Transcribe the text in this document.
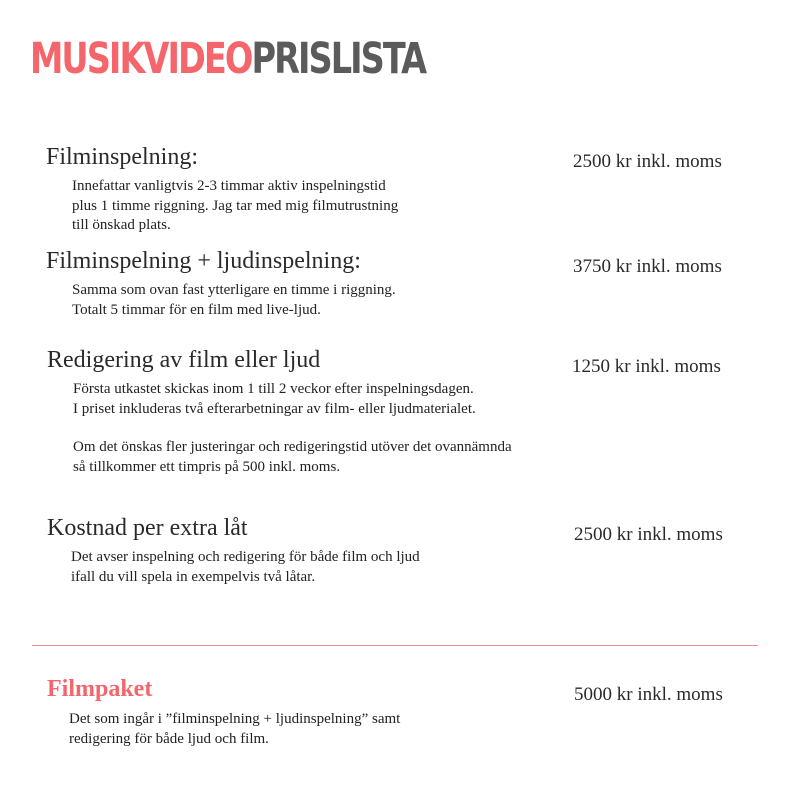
MUSIKVIDEOPRISLISTA
Filminspelning:

Innefattar vanligtvis 2-3 timmar aktiv inspelningstid
plus 1 timme riggning. Jag tar med mig filmutrustning
till önskad plats.

2500 kr inkl. moms
Filminspelning + ljudinspelning:

Samma som ovan fast ytterligare en timme i riggning.
Totalt 5 timmar för en film med live-ljud.

3750 kr inkl. moms
Redigering av film eller ljud

Första utkastet skickas inom 1 till 2 veckor efter inspelningsdagen.
I priset inkluderas två efterarbetningar av film- eller ljudmaterialet.

Om det önskas fler justeringar och redigeringstid utöver det ovannämnda
så tillkommer ett timpris på 500 inkl. moms.

1250 kr inkl. moms
Kostnad per extra låt

Det avser inspelning och redigering för både film och ljud
ifall du vill spela in exempelvis två låtar.

2500 kr inkl. moms
Filmpaket

Det som ingår i ”filminspelning + ljudinspelning” samt
redigering för både ljud och film.

5000 kr inkl. moms
